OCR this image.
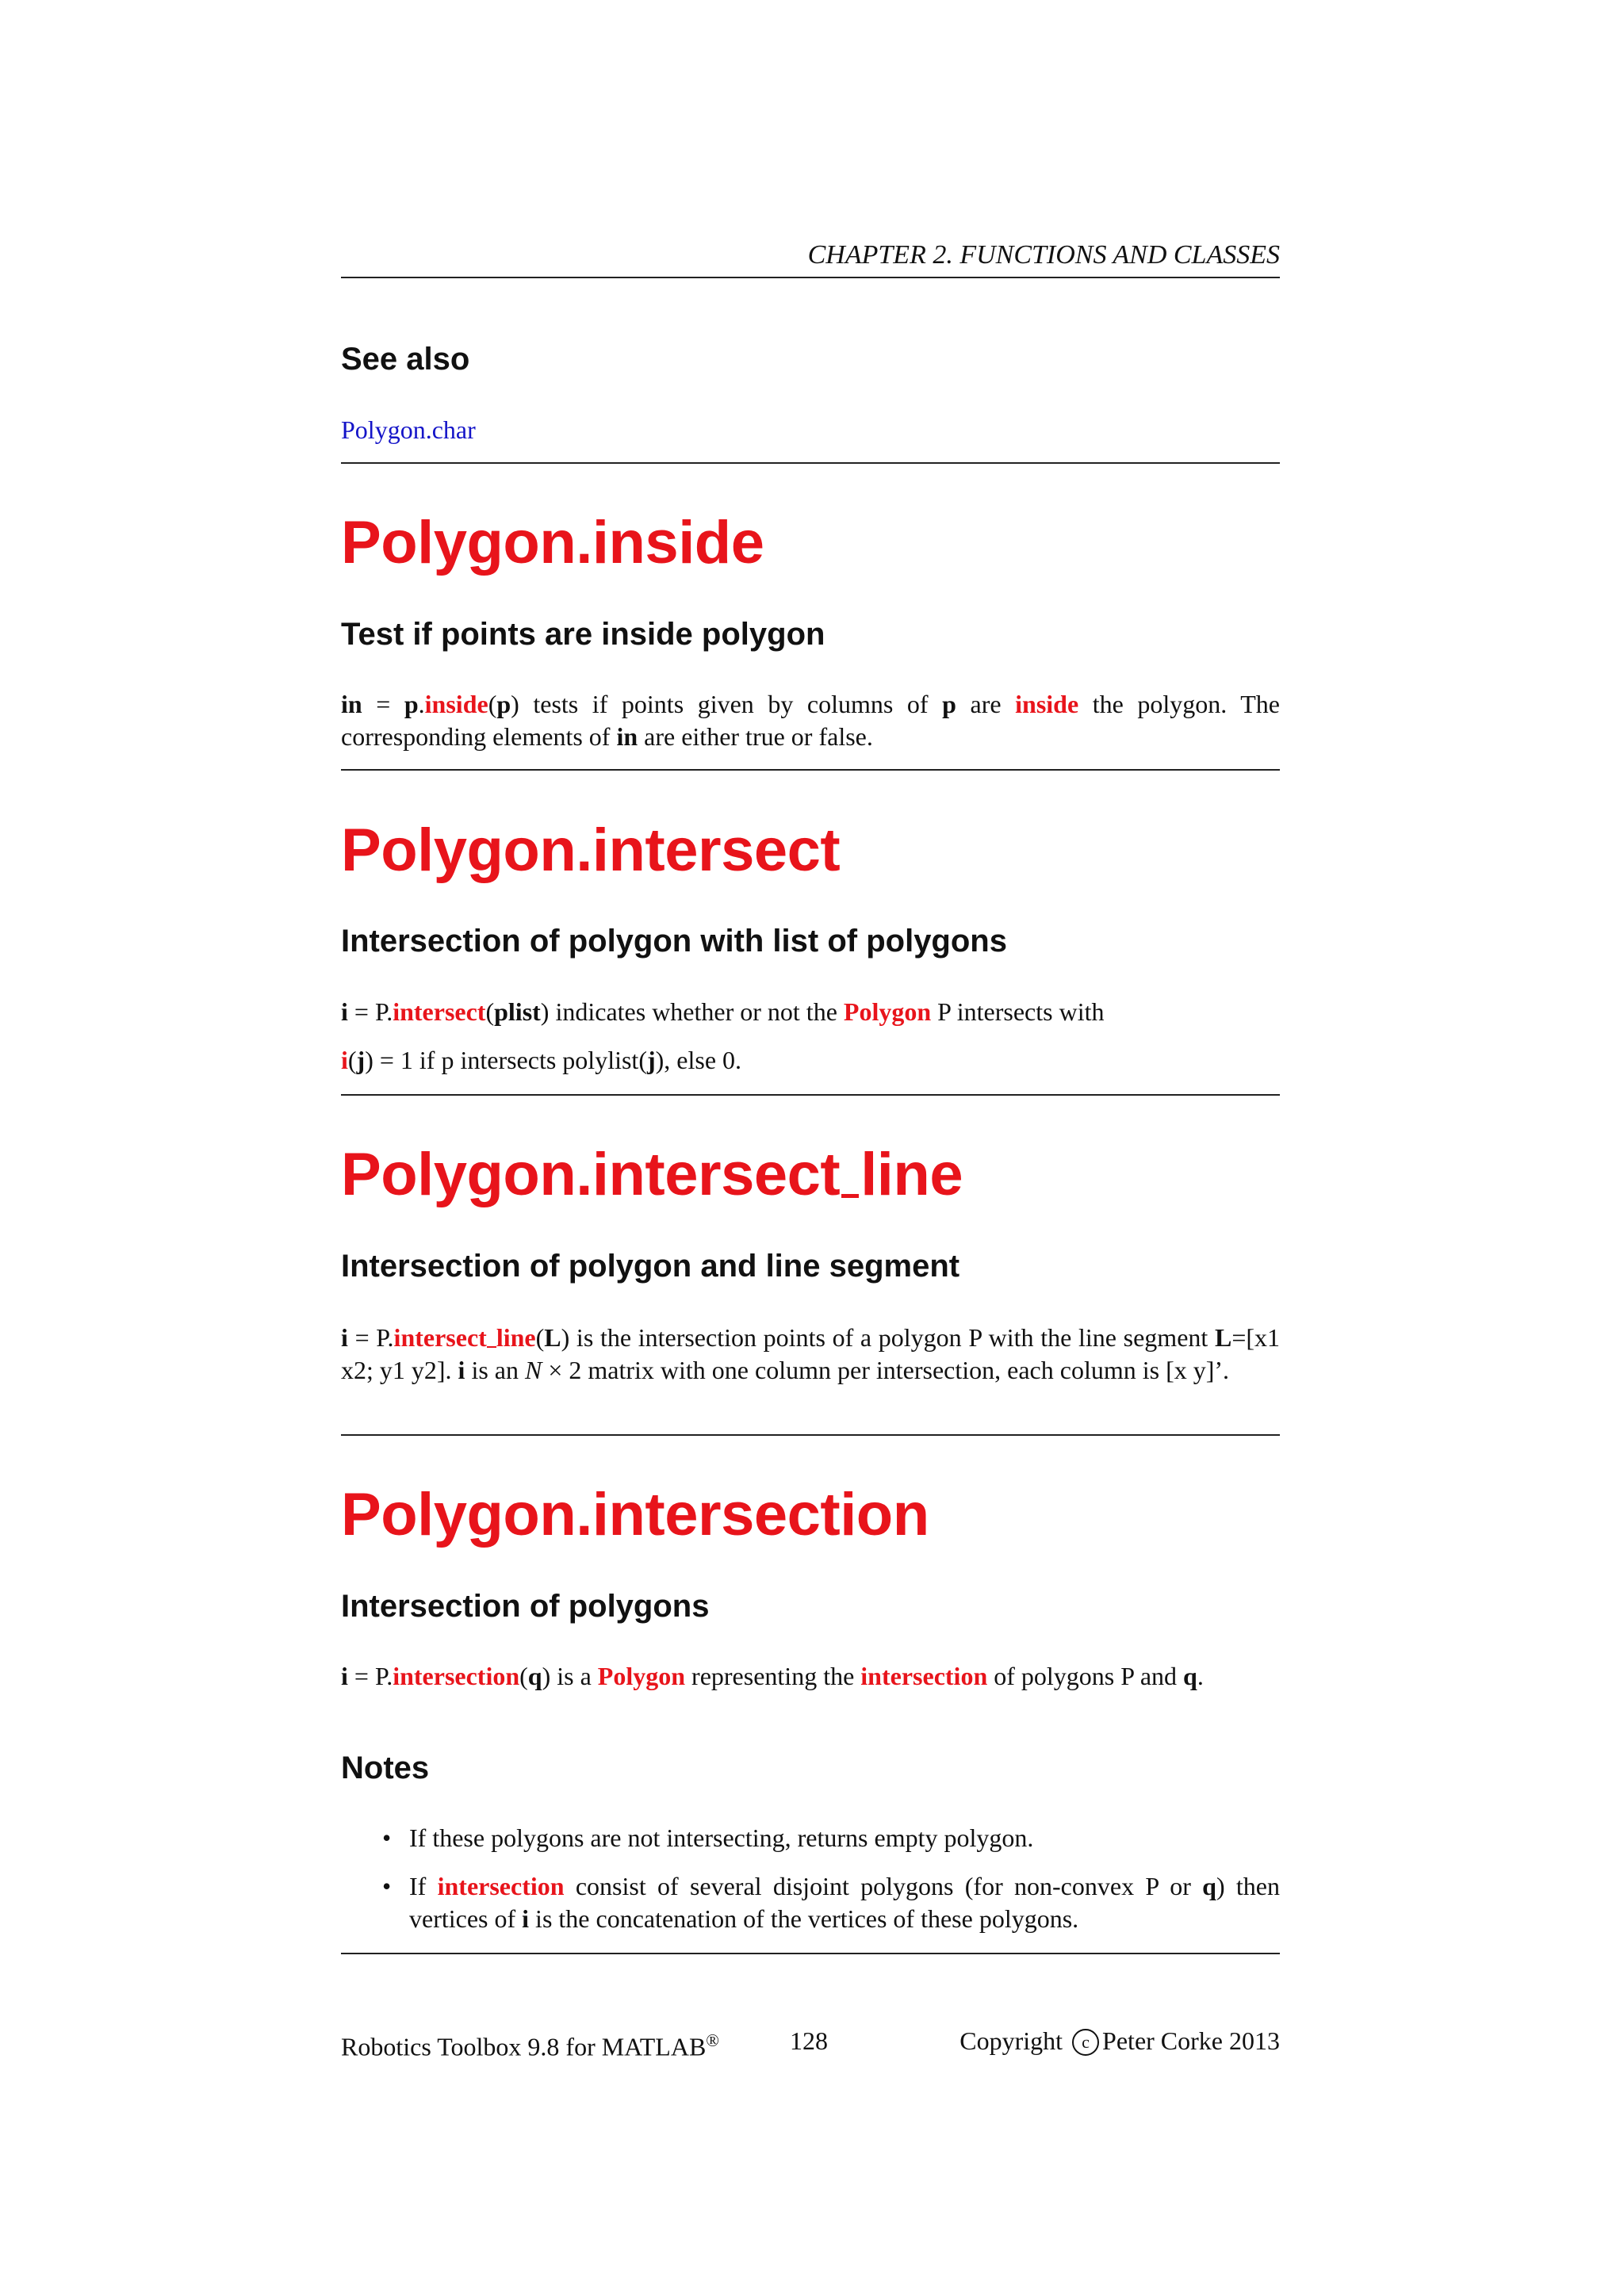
CHAPTER 2. FUNCTIONS AND CLASSES
See also
Polygon.char
Polygon.inside
Test if points are inside polygon
in = p.inside(p) tests if points given by columns of p are inside the polygon. The corresponding elements of in are either true or false.
Polygon.intersect
Intersection of polygon with list of polygons
i = P.intersect(plist) indicates whether or not the Polygon P intersects with
i(j) = 1 if p intersects polylist(j), else 0.
Polygon.intersect line
Intersection of polygon and line segment
i = P.intersect line(L) is the intersection points of a polygon P with the line segment L=[x1 x2; y1 y2]. i is an N × 2 matrix with one column per intersection, each column is [x y]’.
Polygon.intersection
Intersection of polygons
i = P.intersection(q) is a Polygon representing the intersection of polygons P and q.
Notes
• If these polygons are not intersecting, returns empty polygon.
• If intersection consist of several disjoint polygons (for non-convex P or q) then vertices of i is the concatenation of the vertices of these polygons.
Robotics Toolbox 9.8 for MATLAB®	128	Copyright c Peter Corke 2013
